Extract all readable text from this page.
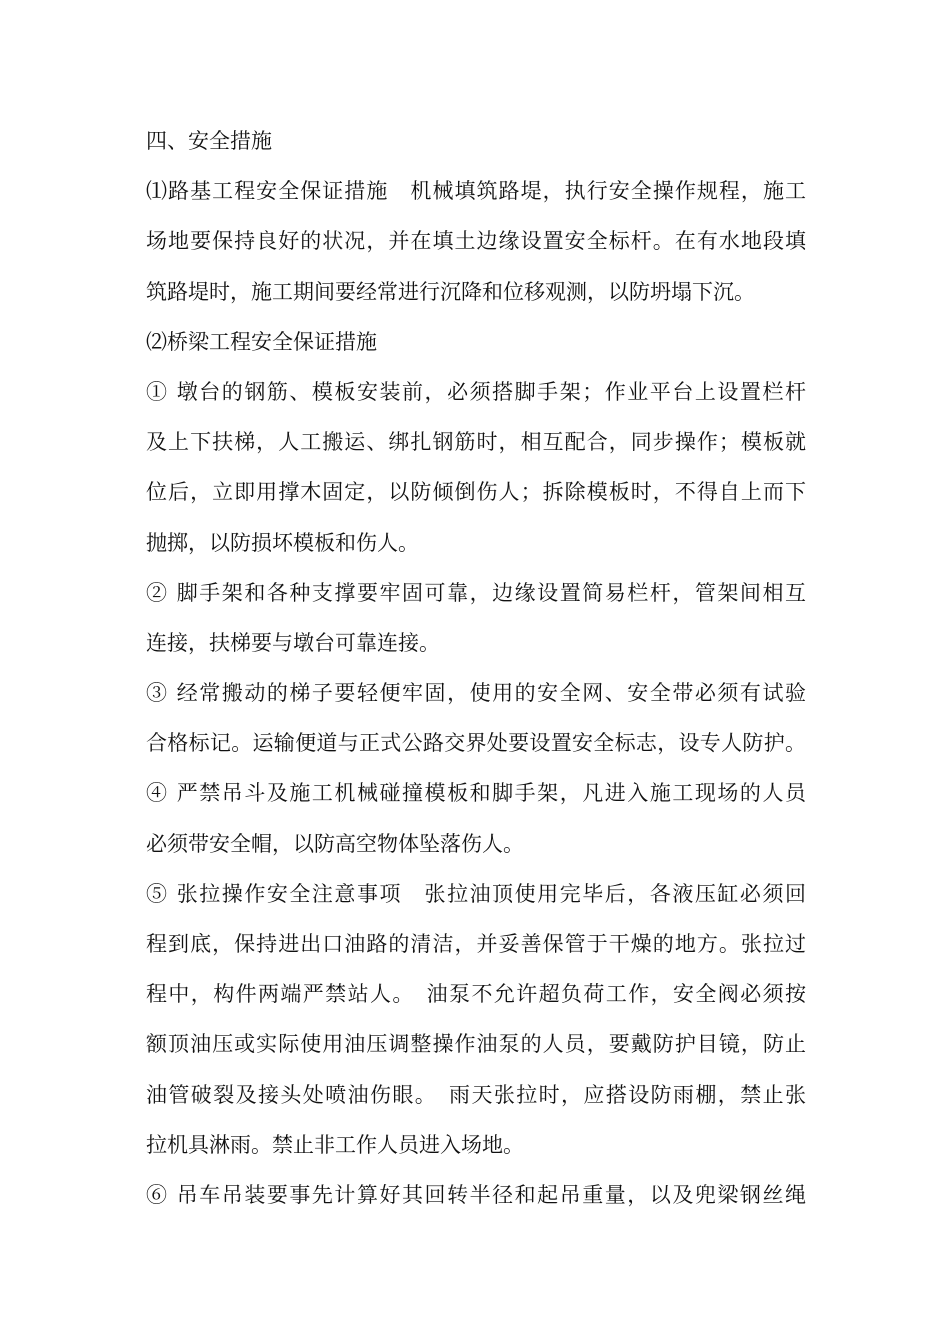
四、安全措施
⑴路基工程安全保证措施　机械填筑路堤，执行安全操作规程，施工
场地要保持良好的状况，并在填土边缘设置安全标杆。在有水地段填
筑路堤时，施工期间要经常进行沉降和位移观测，以防坍塌下沉。
⑵桥梁工程安全保证措施
① 墩台的钢筋、模板安装前，必须搭脚手架；作业平台上设置栏杆
及上下扶梯，人工搬运、绑扎钢筋时，相互配合，同步操作；模板就
位后，立即用撑木固定，以防倾倒伤人；拆除模板时，不得自上而下
抛掷，以防损坏模板和伤人。
② 脚手架和各种支撑要牢固可靠，边缘设置简易栏杆，管架间相互
连接，扶梯要与墩台可靠连接。
③ 经常搬动的梯子要轻便牢固，使用的安全网、安全带必须有试验
合格标记。运输便道与正式公路交界处要设置安全标志，设专人防护。
④ 严禁吊斗及施工机械碰撞模板和脚手架，凡进入施工现场的人员
必须带安全帽，以防高空物体坠落伤人。
⑤ 张拉操作安全注意事项　张拉油顶使用完毕后，各液压缸必须回
程到底，保持进出口油路的清洁，并妥善保管于干燥的地方。张拉过
程中，构件两端严禁站人。　油泵不允许超负荷工作，安全阀必须按
额顶油压或实际使用油压调整操作油泵的人员，要戴防护目镜，防止
油管破裂及接头处喷油伤眼。　雨天张拉时，应搭设防雨棚，禁止张
拉机具淋雨。禁止非工作人员进入场地。
⑥ 吊车吊装要事先计算好其回转半径和起吊重量，以及兜梁钢丝绳
